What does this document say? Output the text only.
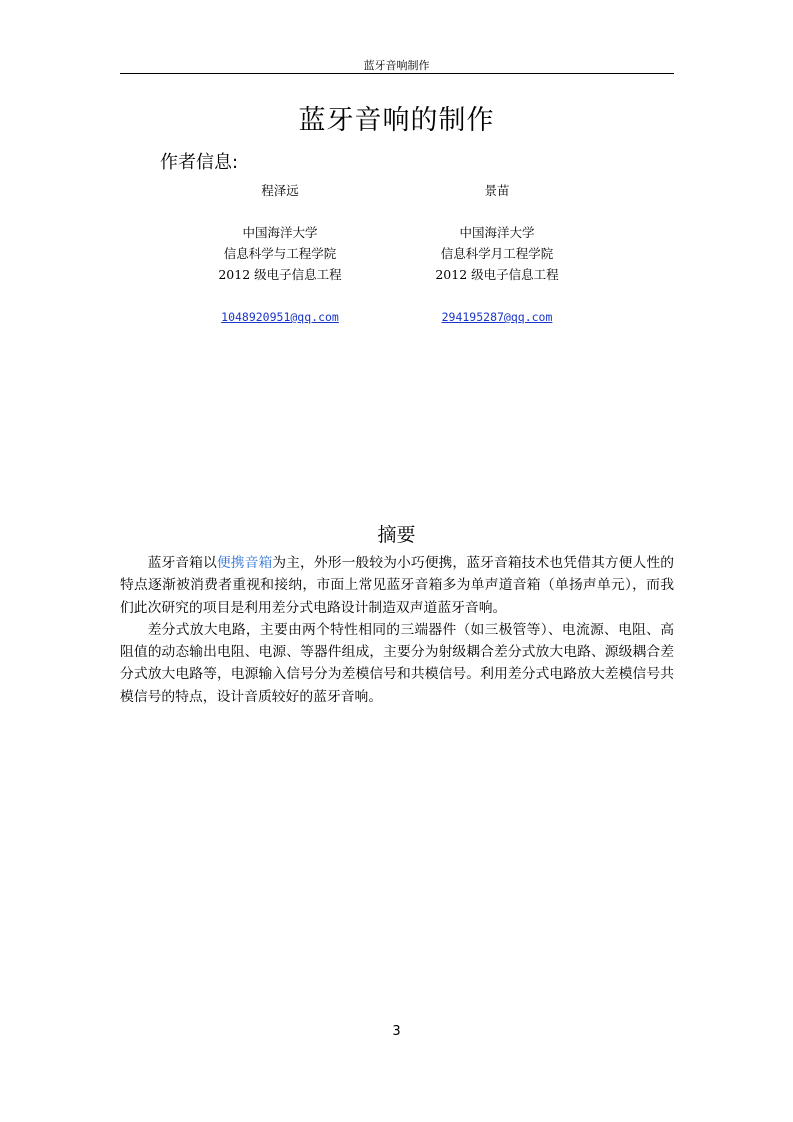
蓝牙音响制作
蓝牙音响的制作
作者信息:
程泽远
中国海洋大学
信息科学与工程学院
2012 级电子信息工程
1048920951@qq.com
景苗
中国海洋大学
信息科学月工程学院
2012 级电子信息工程
294195287@qq.com
摘要

蓝牙音箱以便携音箱为主，外形一般较为小巧便携，蓝牙音箱技术也凭借其方便人性的特点逐渐被消费者重视和接纳，市面上常见蓝牙音箱多为单声道音箱（单扬声单元），而我们此次研究的项目是利用差分式电路设计制造双声道蓝牙音响。

差分式放大电路，主要由两个特性相同的三端器件（如三极管等）、电流源、电阻、高阻值的动态输出电阻、电源、等器件组成，主要分为射级耦合差分式放大电路、源级耦合差分式放大电路等，电源输入信号分为差模信号和共模信号。利用差分式电路放大差模信号共模信号的特点，设计音质较好的蓝牙音响。

3
